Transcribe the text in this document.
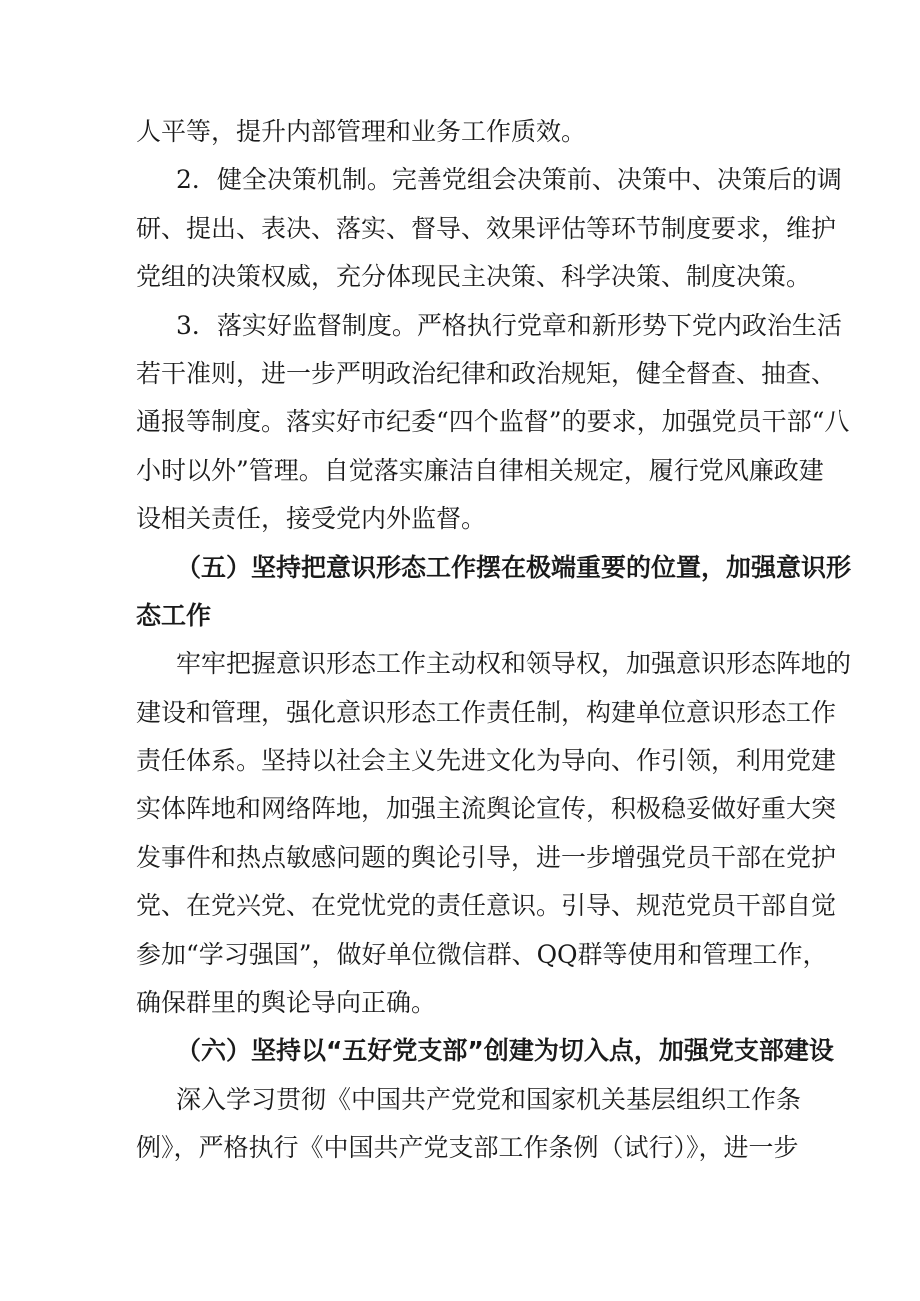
人平等，提升内部管理和业务工作质效。
2．健全决策机制。完善党组会决策前、决策中、决策后的调
研、提出、表决、落实、督导、效果评估等环节制度要求，维护
党组的决策权威，充分体现民主决策、科学决策、制度决策。
3．落实好监督制度。严格执行党章和新形势下党内政治生活
若干准则，进一步严明政治纪律和政治规矩，健全督查、抽查、
通报等制度。落实好市纪委“四个监督”的要求，加强党员干部“八
小时以外”管理。自觉落实廉洁自律相关规定，履行党风廉政建
设相关责任，接受党内外监督。
（五）坚持把意识形态工作摆在极端重要的位置，加强意识形
态工作
牢牢把握意识形态工作主动权和领导权，加强意识形态阵地的
建设和管理，强化意识形态工作责任制，构建单位意识形态工作
责任体系。坚持以社会主义先进文化为导向、作引领，利用党建
实体阵地和网络阵地，加强主流舆论宣传，积极稳妥做好重大突
发事件和热点敏感问题的舆论引导，进一步增强党员干部在党护
党、在党兴党、在党忧党的责任意识。引导、规范党员干部自觉
参加“学习强国”，做好单位微信群、QQ群等使用和管理工作，
确保群里的舆论导向正确。
（六）坚持以“五好党支部”创建为切入点，加强党支部建设
深入学习贯彻《中国共产党党和国家机关基层组织工作条
例》，严格执行《中国共产党支部工作条例（试行）》，进一步
